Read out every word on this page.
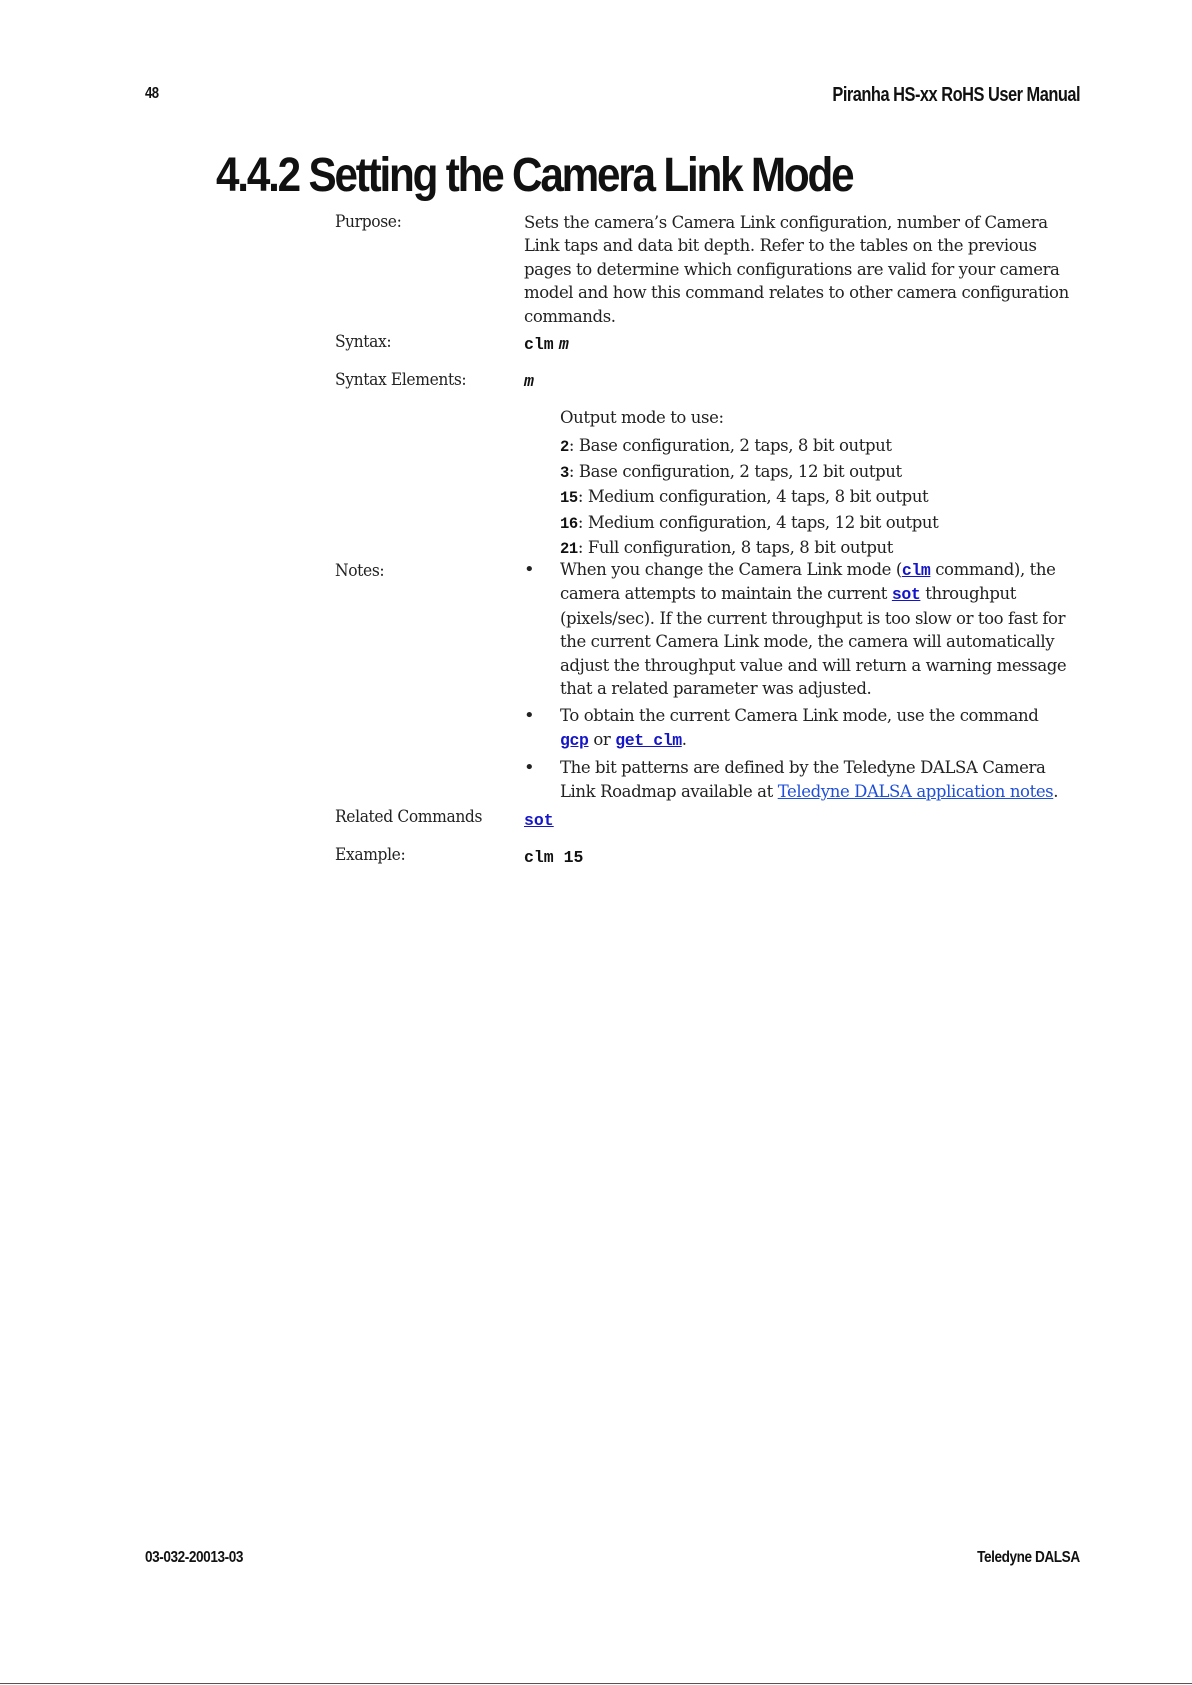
48	Piranha HS-xx RoHS User Manual
4.4.2 Setting the Camera Link Mode
Purpose:	Sets the camera’s Camera Link configuration, number of Camera Link taps and data bit depth. Refer to the tables on the previous pages to determine which configurations are valid for your camera model and how this command relates to other camera configuration commands.
Syntax:	clm m
Syntax Elements:	m
Output mode to use:
2: Base configuration, 2 taps, 8 bit output
3: Base configuration, 2 taps, 12 bit output
15: Medium configuration, 4 taps, 8 bit output
16: Medium configuration, 4 taps, 12 bit output
21: Full configuration, 8 taps, 8 bit output
Notes:	• When you change the Camera Link mode (clm command), the camera attempts to maintain the current sot throughput (pixels/sec). If the current throughput is too slow or too fast for the current Camera Link mode, the camera will automatically adjust the throughput value and will return a warning message that a related parameter was adjusted.
• To obtain the current Camera Link mode, use the command gcp or get clm.
• The bit patterns are defined by the Teledyne DALSA Camera Link Roadmap available at Teledyne DALSA application notes.
Related Commands	sot
Example:	clm 15
03-032-20013-03	Teledyne DALSA
